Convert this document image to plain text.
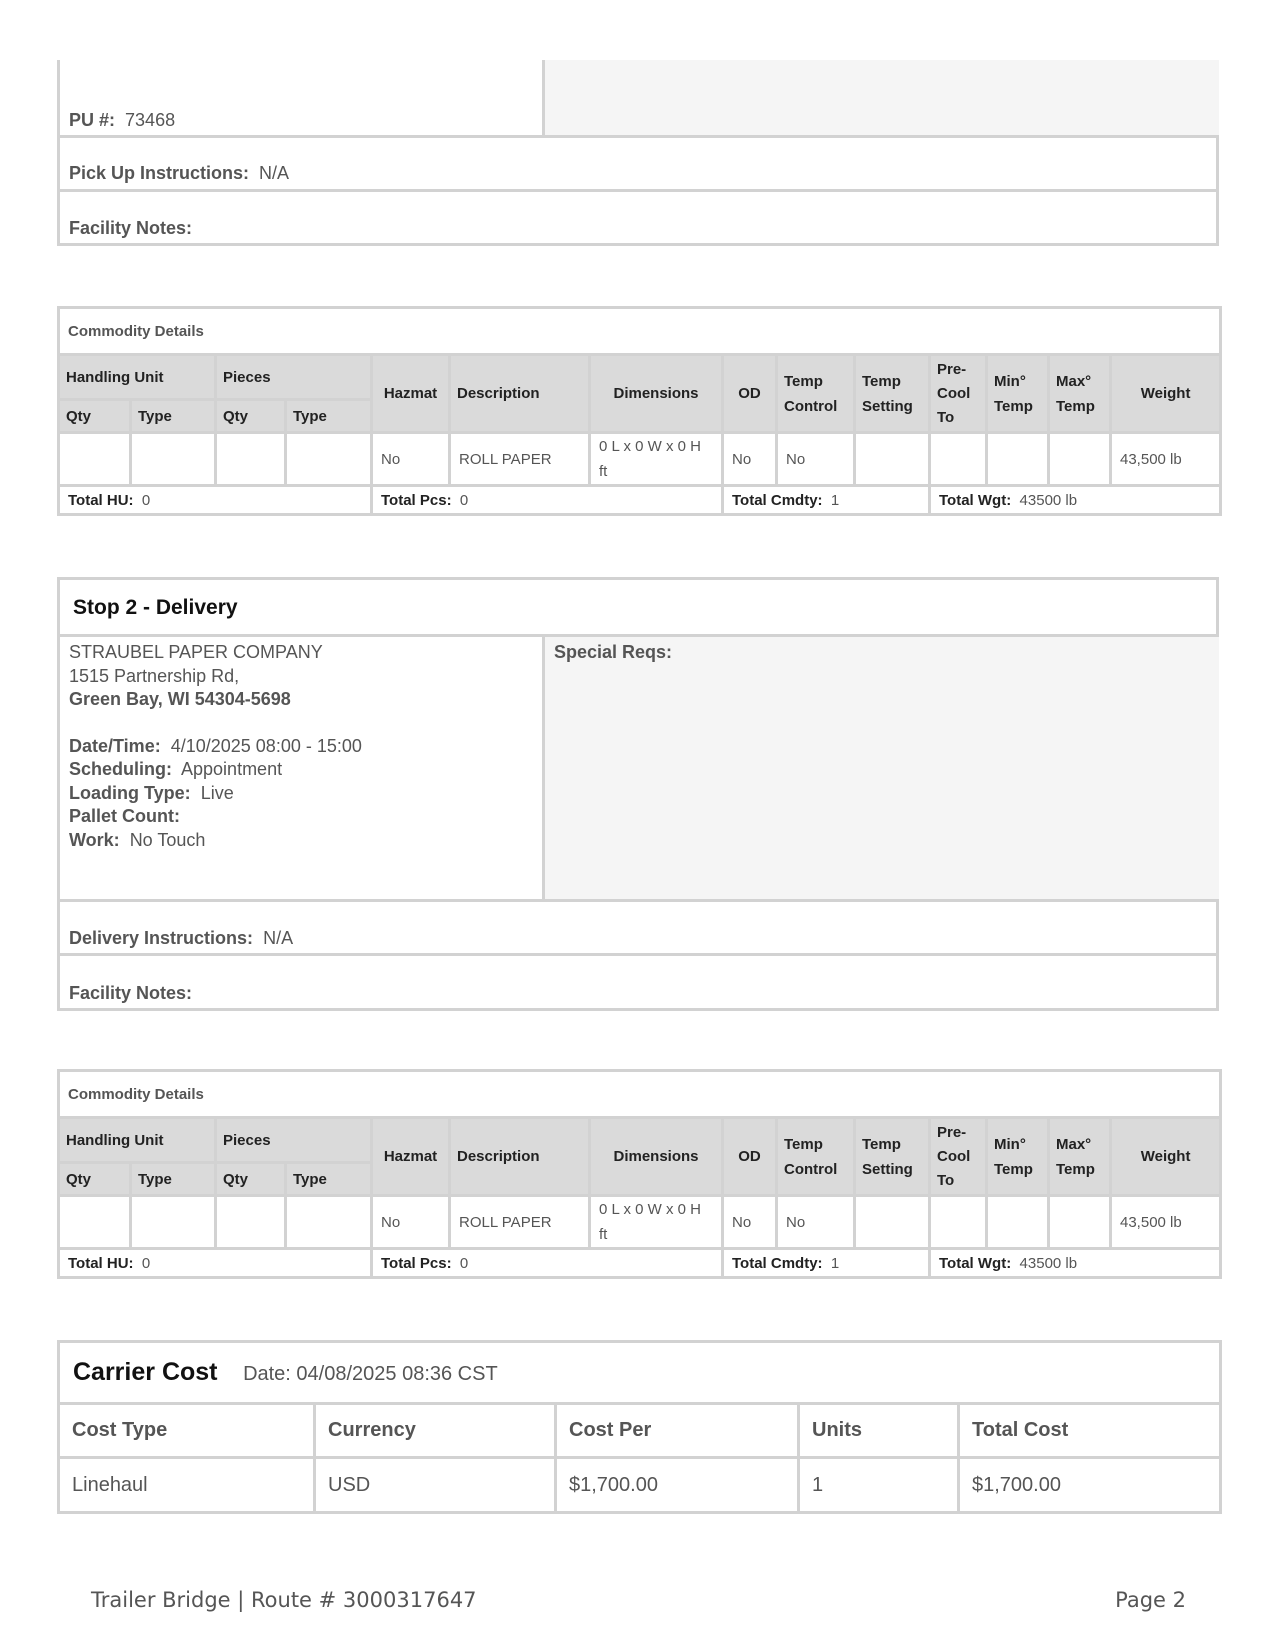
PU #: 73468
Pick Up Instructions: N/A
Facility Notes:
Commodity Details													
Handling Unit		Pieces		Hazmat	Description	Dimensions	OD	Temp Control	Temp Setting	Pre-Cool To	Min° Temp	Max° Temp	Weight
Qty	Type	Qty	Type										
				No	ROLL PAPER	0 L x 0 W x 0 H ft	No	No					43,500 lb
Total HU: 0				Total Pcs: 0			Total Cmdty: 1			Total Wgt: 43500 lb			
Stop 2 - Delivery
Special Reqs:
STRAUBEL PAPER COMPANY
1515 Partnership Rd,
Green Bay, WI 54304-5698
Date/Time: 4/10/2025 08:00 - 15:00
Scheduling: Appointment
Loading Type: Live
Pallet Count:
Work: No Touch
Delivery Instructions: N/A
Facility Notes:
Commodity Details													
Handling Unit		Pieces		Hazmat	Description	Dimensions	OD	Temp Control	Temp Setting	Pre-Cool To	Min° Temp	Max° Temp	Weight
Qty	Type	Qty	Type										
				No	ROLL PAPER	0 L x 0 W x 0 H ft	No	No					43,500 lb
Total HU: 0				Total Pcs: 0			Total Cmdty: 1			Total Wgt: 43500 lb			
Carrier Cost Date: 04/08/2025 08:36 CST				
Cost Type	Currency	Cost Per	Units	Total Cost
Linehaul	USD	$1,700.00	1	$1,700.00
Trailer Bridge | Route # 3000317647	Page 2
